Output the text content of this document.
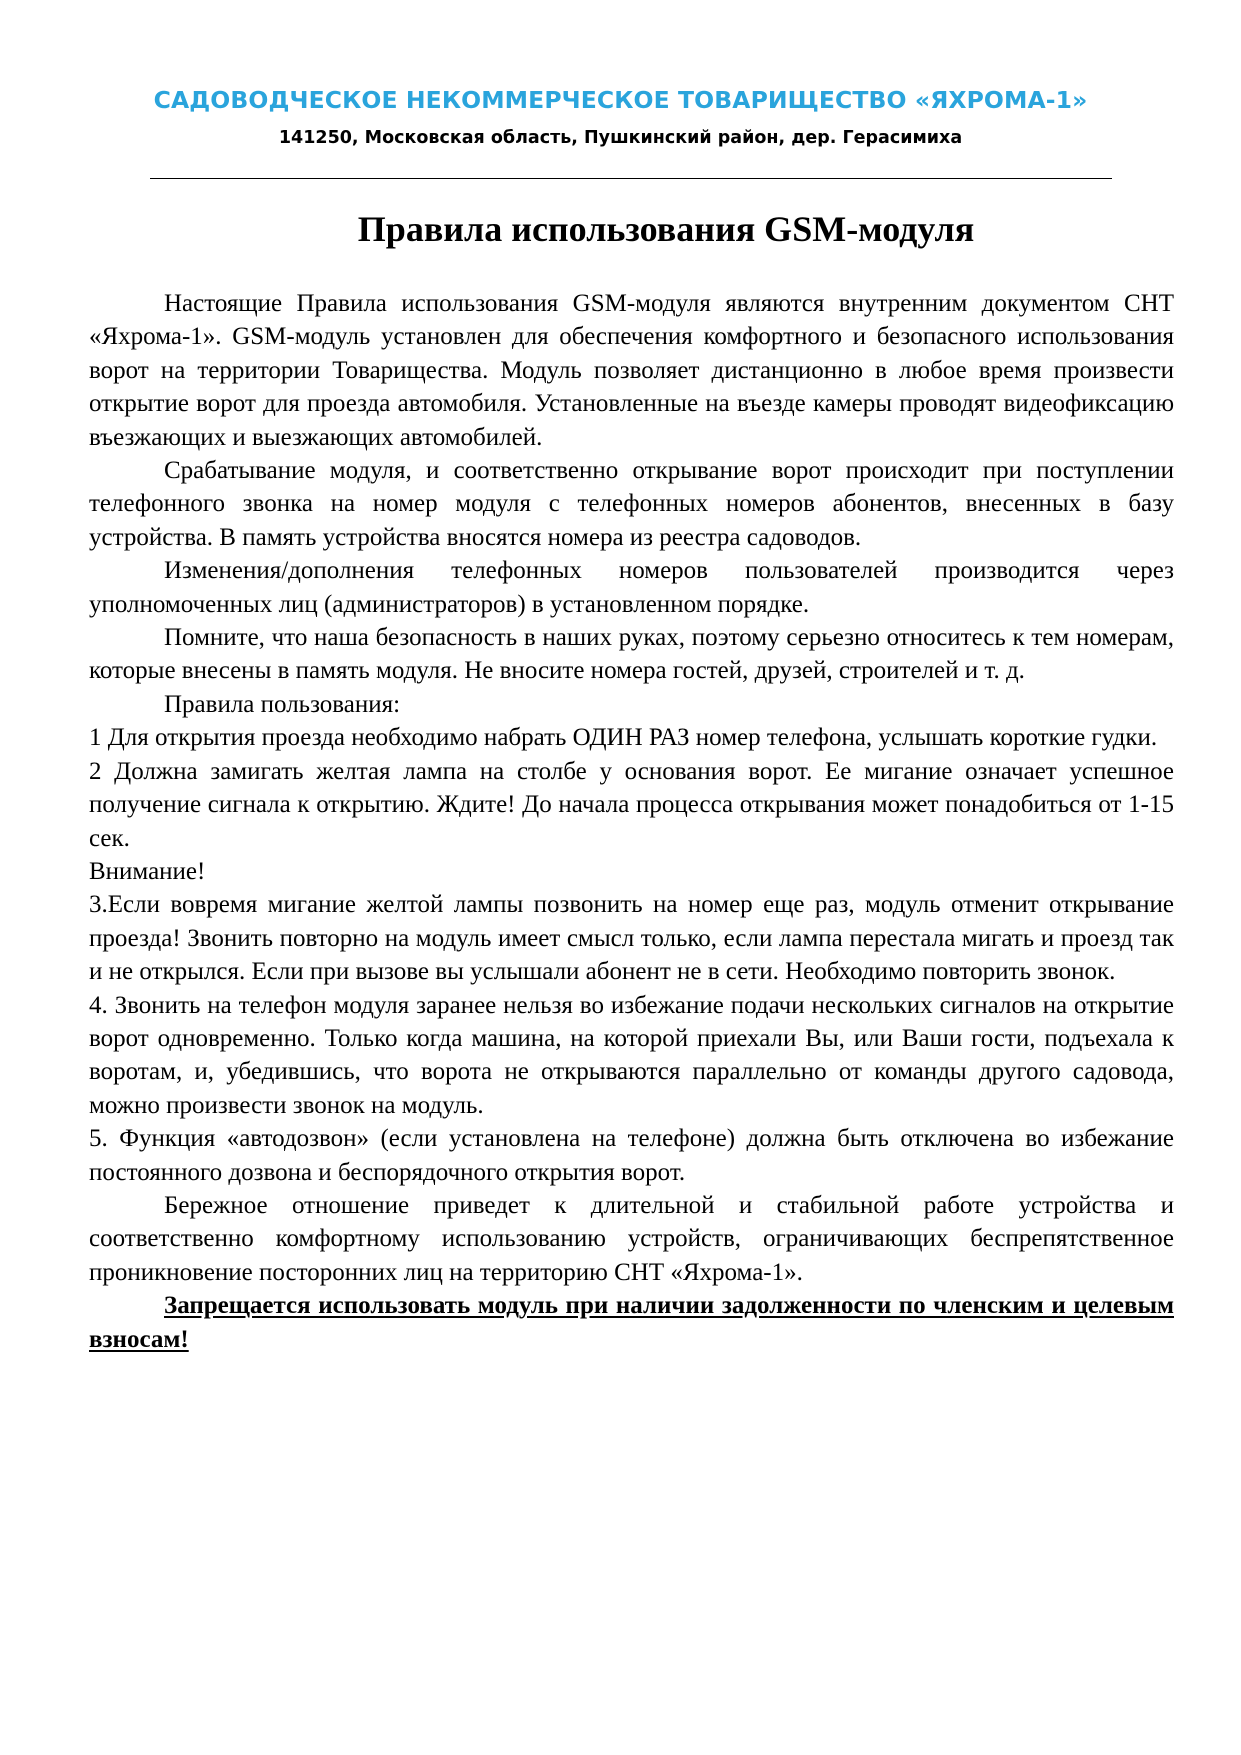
САДОВОДЧЕСКОЕ НЕКОММЕРЧЕСКОЕ ТОВАРИЩЕСТВО «ЯХРОМА-1»
141250, Московская область, Пушкинский район, дер. Герасимиха
Правила использования GSM-модуля

Настоящие Правила использования GSM-модуля являются внутренним документом СНТ «Яхрома-1». GSM-модуль установлен для обеспечения комфортного и безопасного использования ворот на территории Товарищества. Модуль позволяет дистанционно в любое время произвести открытие ворот для проезда автомобиля. Установленные на въезде камеры проводят видеофиксацию въезжающих и выезжающих автомобилей.

Срабатывание модуля, и соответственно открывание ворот происходит при поступлении телефонного звонка на номер модуля с телефонных номеров абонентов, внесенных в базу устройства. В память устройства вносятся номера из реестра садоводов.

Изменения/дополнения телефонных номеров пользователей производится через уполномоченных лиц (администраторов) в установленном порядке.

Помните, что наша безопасность в наших руках, поэтому серьезно относитесь к тем номерам, которые внесены в память модуля. Не вносите номера гостей, друзей, строителей и т. д.

Правила пользования:

1 Для открытия проезда необходимо набрать ОДИН РАЗ номер телефона, услышать короткие гудки.

2 Должна замигать желтая лампа на столбе у основания ворот. Ее мигание означает успешное получение сигнала к открытию. Ждите! До начала процесса открывания может понадобиться от 1-15 сек.

Внимание!

3.Если вовремя мигание желтой лампы позвонить на номер еще раз, модуль отменит открывание проезда! Звонить повторно на модуль имеет смысл только, если лампа перестала мигать и проезд так и не открылся. Если при вызове вы услышали абонент не в сети. Необходимо повторить звонок.

4. Звонить на телефон модуля заранее нельзя во избежание подачи нескольких сигналов на открытие ворот одновременно. Только когда машина, на которой приехали Вы, или Ваши гости, подъехала к воротам, и, убедившись, что ворота не открываются параллельно от команды другого садовода, можно произвести звонок на модуль.

5. Функция «автодозвон» (если установлена на телефоне) должна быть отключена во избежание постоянного дозвона и беспорядочного открытия ворот.

Бережное отношение приведет к длительной и стабильной работе устройства и соответственно комфортному использованию устройств, ограничивающих беспрепятственное проникновение посторонних лиц на территорию СНТ «Яхрома-1».

Запрещается использовать модуль при наличии задолженности по членским и целевым взносам!
